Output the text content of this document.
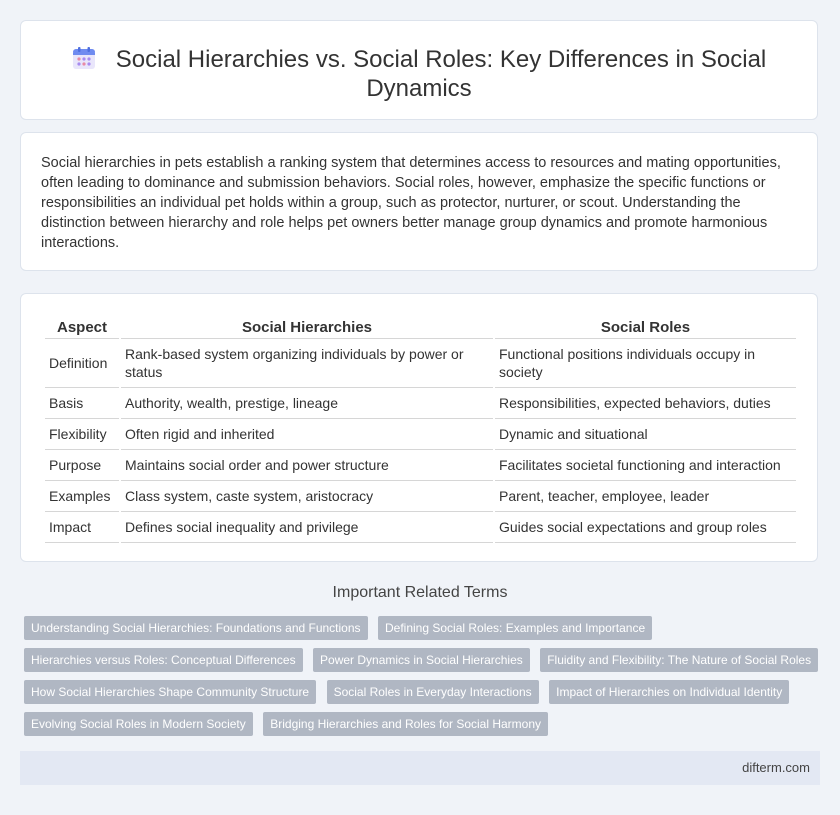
Social Hierarchies vs. Social Roles: Key Differences in Social Dynamics

Social hierarchies in pets establish a ranking system that determines access to resources and mating opportunities, often leading to dominance and submission behaviors. Social roles, however, emphasize the specific functions or responsibilities an individual pet holds within a group, such as protector, nurturer, or scout. Understanding the distinction between hierarchy and role helps pet owners better manage group dynamics and promote harmonious interactions.

Aspect	Social Hierarchies	Social Roles
Definition	Rank-based system organizing individuals by power or status	Functional positions individuals occupy in society
Basis	Authority, wealth, prestige, lineage	Responsibilities, expected behaviors, duties
Flexibility	Often rigid and inherited	Dynamic and situational
Purpose	Maintains social order and power structure	Facilitates societal functioning and interaction
Examples	Class system, caste system, aristocracy	Parent, teacher, employee, leader
Impact	Defines social inequality and privilege	Guides social expectations and group roles
Important Related Terms
Understanding Social Hierarchies: Foundations and Functions Defining Social Roles: Examples and Importance
Hierarchies versus Roles: Conceptual Differences Power Dynamics in Social Hierarchies Fluidity and Flexibility: The Nature of Social Roles
How Social Hierarchies Shape Community Structure Social Roles in Everyday Interactions Impact of Hierarchies on Individual Identity
Evolving Social Roles in Modern Society Bridging Hierarchies and Roles for Social Harmony
difterm.com
